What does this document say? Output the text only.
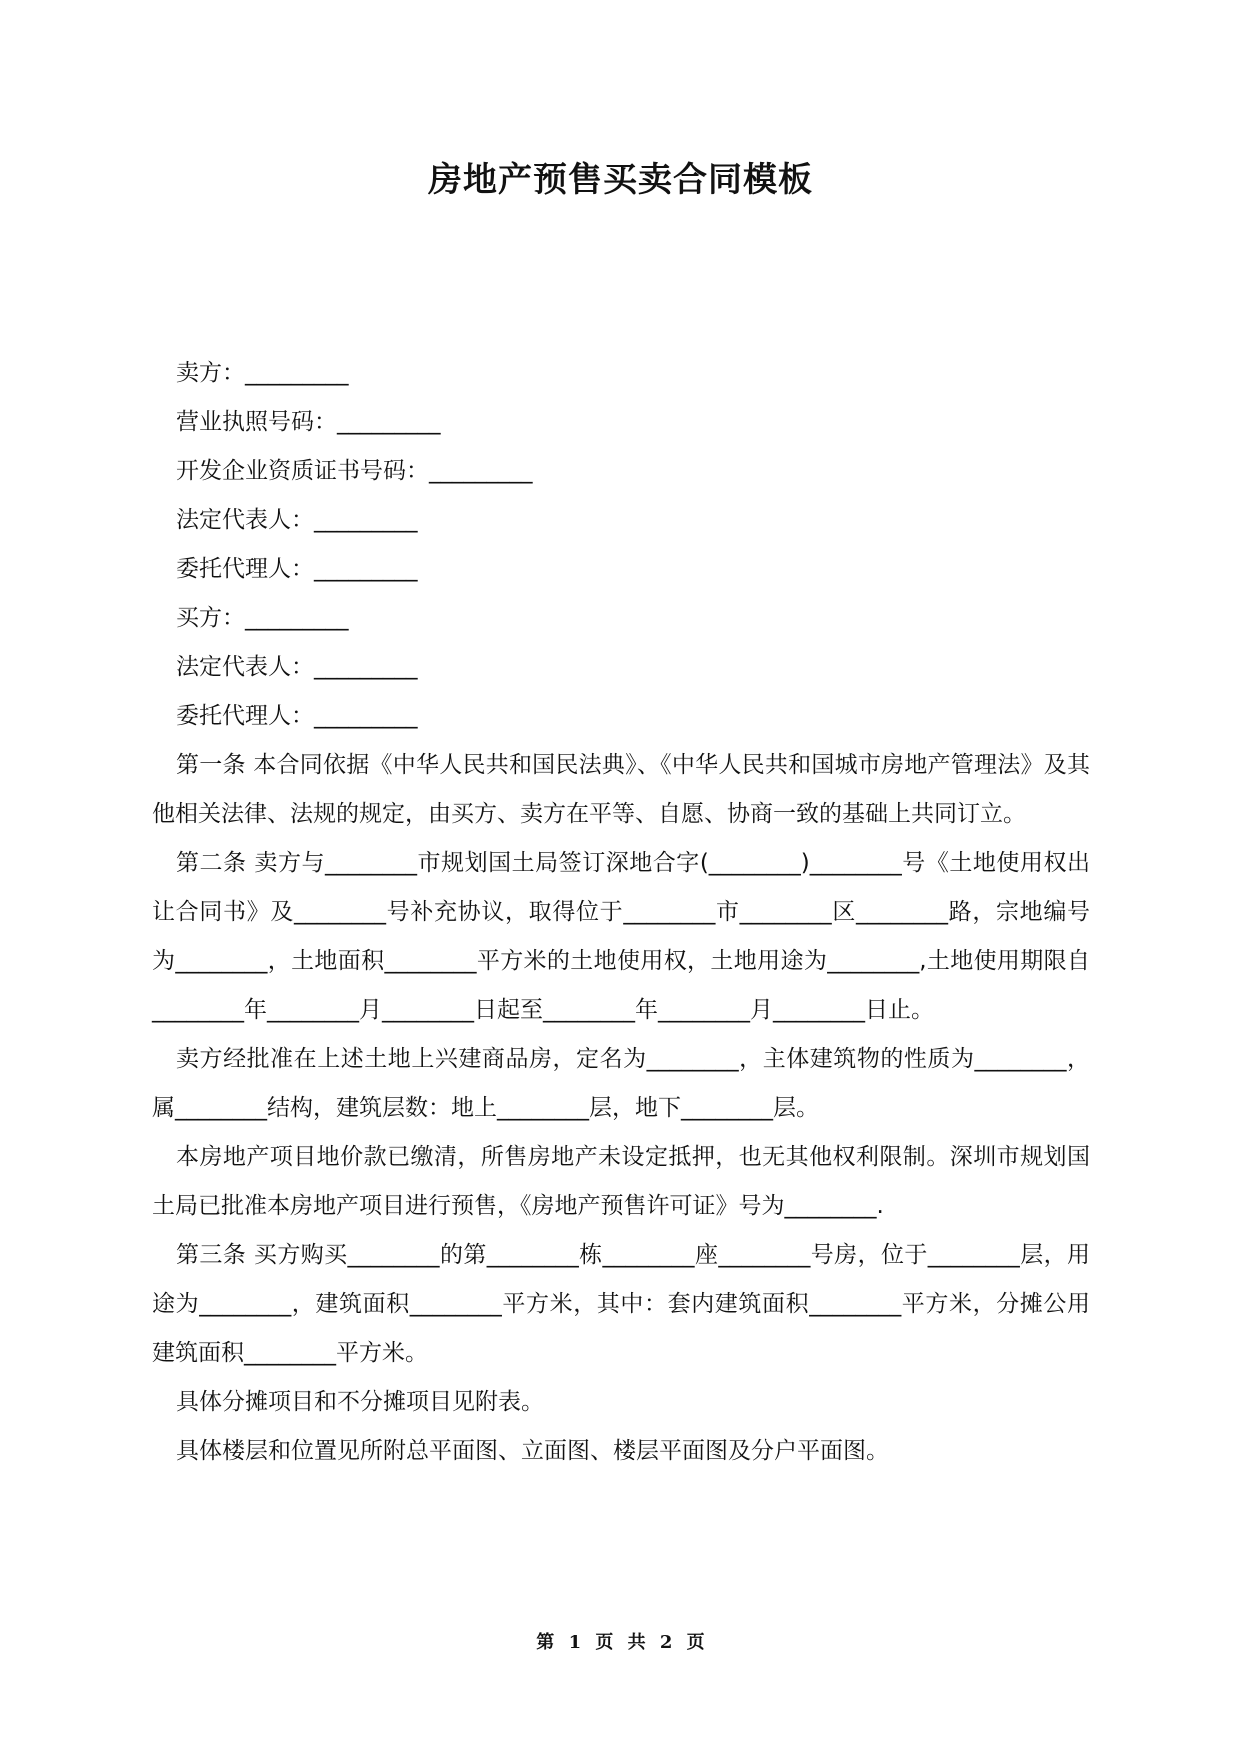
房地产预售买卖合同模板

卖方：_________

营业执照号码：_________

开发企业资质证书号码：_________

法定代表人：_________

委托代理人：_________

买方：_________

法定代表人：_________

委托代理人：_________

第一条 本合同依据《中华人民共和国民法典》、《中华人民共和国城市房地产管理法》及其他相关法律、法规的规定，由买方、卖方在平等、自愿、协商一致的基础上共同订立。

第二条 卖方与________市规划国土局签订深地合字(________)________号《土地使用权出让合同书》及________号补充协议，取得位于________市________区________路，宗地编号为________，土地面积________平方米的土地使用权，土地用途为________,土地使用期限自________年________月________日起至________年________月________日止。

卖方经批准在上述土地上兴建商品房，定名为________，主体建筑物的性质为________，属________结构，建筑层数：地上________层，地下________层。

本房地产项目地价款已缴清，所售房地产未设定抵押，也无其他权利限制。深圳市规划国土局已批准本房地产项目进行预售，《房地产预售许可证》号为________.

第三条 买方购买________的第________栋________座________号房，位于________层，用途为________，建筑面积________平方米，其中：套内建筑面积________平方米，分摊公用建筑面积________平方米。

具体分摊项目和不分摊项目见附表。

具体楼层和位置见所附总平面图、立面图、楼层平面图及分户平面图。

第 1 页 共 2 页
